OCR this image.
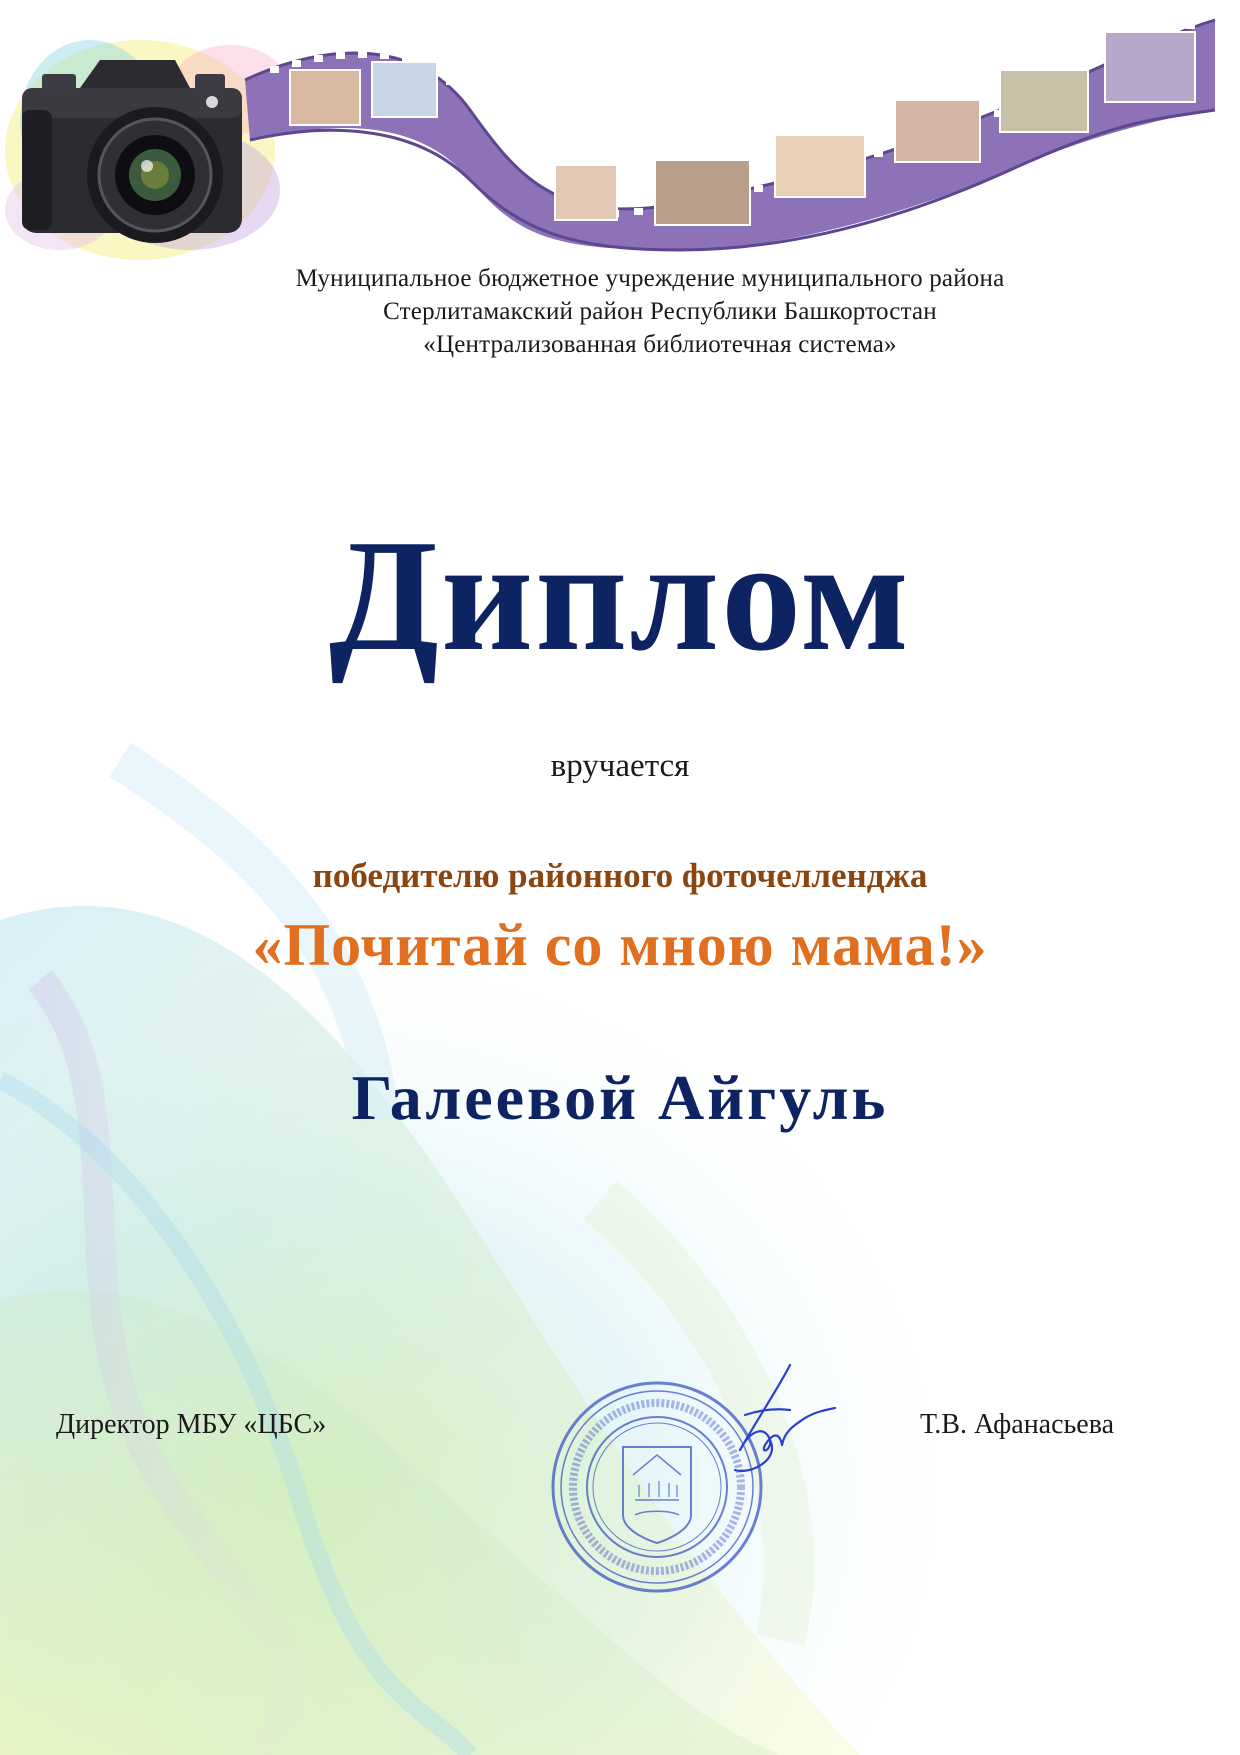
Муниципальное бюджетное учреждение муниципального района
Стерлитамакский район Республики Башкортостан
«Централизованная библиотечная система»
Диплом
вручается
победителю районного фоточелленджа
«Почитай со мною мама!»
Галеевой Айгуль
Директор МБУ «ЦБС»	Т.В. Афанасьева
